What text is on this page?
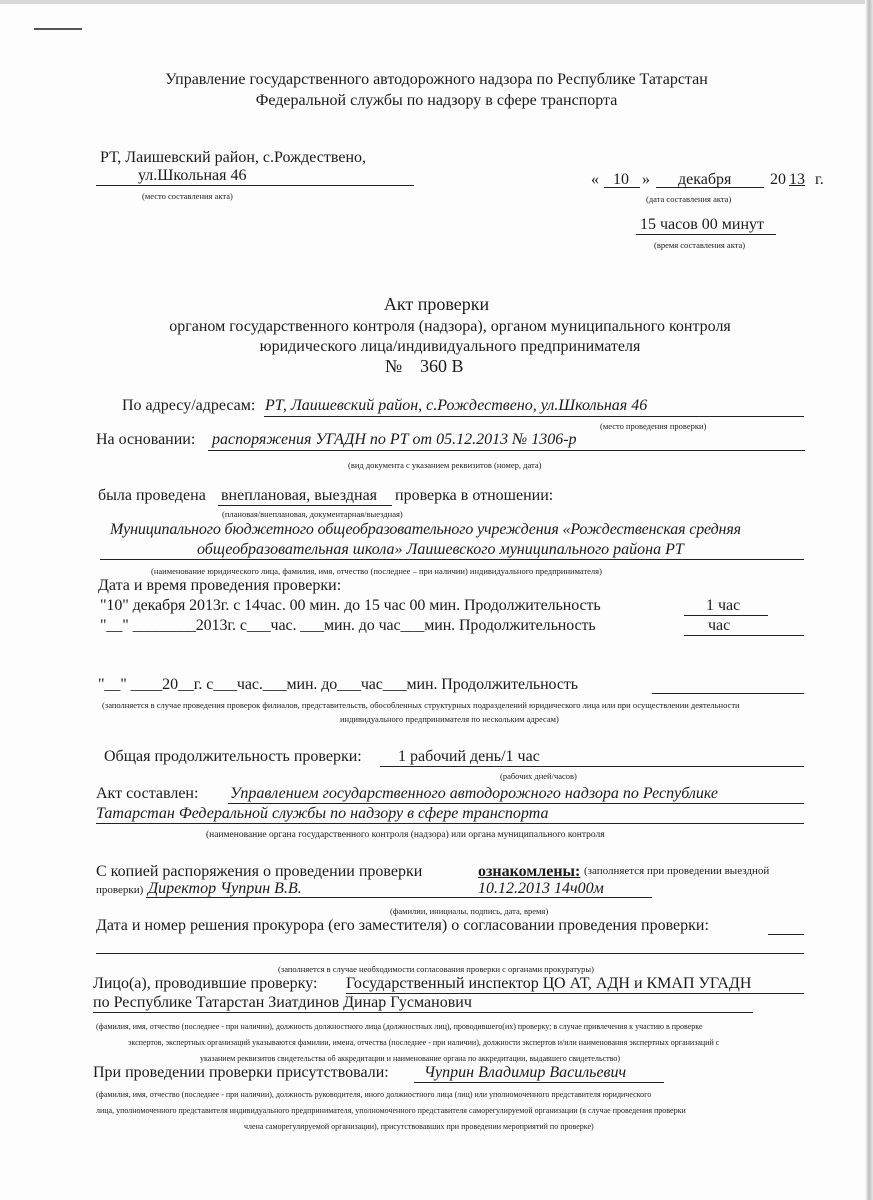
Управление государственного автодорожного надзора по Республике Татарстан
Федеральной службы по надзору в сфере транспорта
РТ, Лаишевский район, с.Рождествено,
ул.Школьная 46
(место составления акта)
« 10 » декабря 20 13 г.
(дата составления акта)
15 часов 00 минут
(время составления акта)
Акт проверки
органом государственного контроля (надзора), органом муниципального контроля
юридического лица/индивидуального предпринимателя
№ 360 В
По адресу/адресам: РТ, Лаишевский район, с.Рождествено, ул.Школьная 46
(место проведения проверки)
На основании: распоряжения УГАДН по РТ от 05.12.2013 № 1306-р
(вид документа с указанием реквизитов (номер, дата)
была проведена внеплановая, выездная проверка в отношении:
(плановая/внеплановая, документарная/выездная)
Муниципального бюджетного общеобразовательного учреждения «Рождественская средняя
общеобразовательная школа» Лаишевского муниципального района РТ
(наименование юридического лица, фамилия, имя, отчество (последнее – при наличии) индивидуального предпринимателя)
Дата и время проведения проверки:
"10" декабря 2013г. с 14час. 00 мин. до 15 час 00 мин. Продолжительность	1 час
"__" ________2013г. с___час. ___мин. до час___мин. Продолжительность	час
"__" ____20__г. с___час.___мин. до___час___мин. Продолжительность
(заполняется в случае проведения проверок филиалов, представительств, обособленных структурных подразделений юридического лица или при осуществлении деятельности
индивидуального предпринимателя по нескольким адресам)
Общая продолжительность проверки: 1 рабочий день/1 час
(рабочих дней/часов)
Акт составлен: Управлением государственного автодорожного надзора по Республике
Татарстан Федеральной службы по надзору в сфере транспорта
(наименование органа государственного контроля (надзора) или органа муниципального контроля
С копией распоряжения о проведении проверки	ознакомлены: (заполняется при проведении выездной
проверки) Директор Чуприн В.В.	10.12.2013 14ч00м
(фамилии, инициалы, подпись, дата, время)
Дата и номер решения прокурора (его заместителя) о согласовании проведения проверки:
(заполняется в случае необходимости согласования проверки с органами прокуратуры)
Лицо(а), проводившие проверку: Государственный инспектор ЦО АТ, АДН и КМАП УГАДН
по Республике Татарстан Зиатдинов Динар Гусманович
(фамилия, имя, отчество (последнее - при наличии), должность должностного лица (должностных лиц), проводившего(их) проверку; в случае привлечения к участию в проверке
экспертов, экспертных организаций указываются фамилии, имена, отчества (последнее - при наличии), должности экспертов и/или наименования экспертных организаций с
указанием реквизитов свидетельства об аккредитации и наименование органа по аккредитации, выдавшего свидетельство)
При проведении проверки присутствовали: Чуприн Владимир Васильевич
(фамилия, имя, отчество (последнее - при наличии), должность руководителя, иного должностного лица (лиц) или уполномоченного представителя юридического
лица, уполномоченного представителя индивидуального предпринимателя, уполномоченного представителя саморегулируемой организации (в случае проведения проверки
члена саморегулируемой организации), присутствовавших при проведении мероприятий по проверке)
